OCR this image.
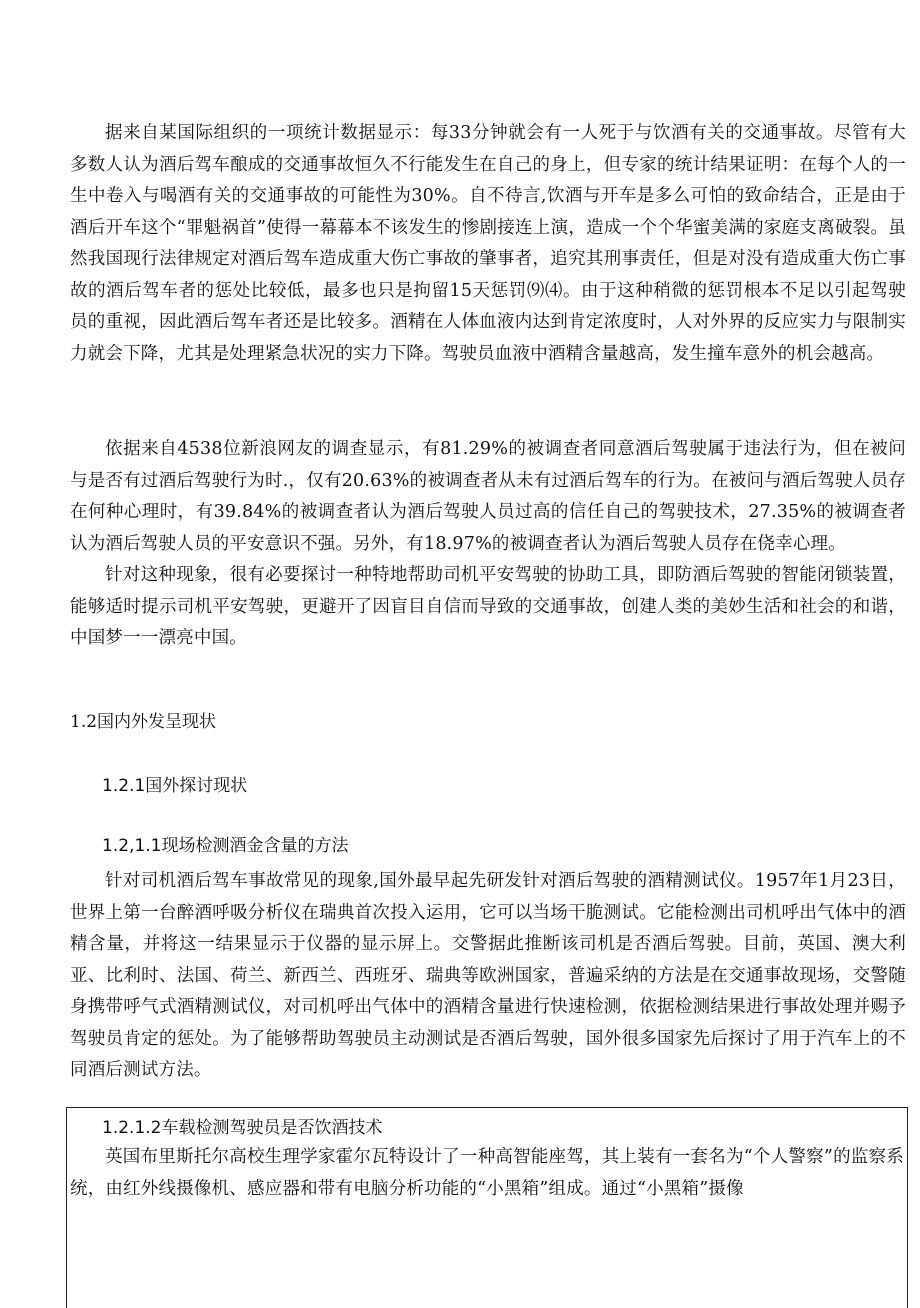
据来自某国际组织的一项统计数据显示：每33分钟就会有一人死于与饮酒有关的交通事故。尽管有大多数人认为酒后驾车酿成的交通事故恒久不行能发生在自己的身上，但专家的统计结果证明：在每个人的一生中卷入与喝酒有关的交通事故的可能性为30%。自不待言,饮酒与开车是多么可怕的致命结合，正是由于酒后开车这个“罪魁祸首”使得一幕幕本不该发生的惨剧接连上演，造成一个个华蜜美满的家庭支离破裂。虽然我国现行法律规定对酒后驾车造成重大伤亡事故的肇事者，追究其刑事责任，但是对没有造成重大伤亡事故的酒后驾车者的惩处比较低，最多也只是拘留15天惩罚⑼⑷。由于这种稍微的惩罚根本不足以引起驾驶员的重视，因此酒后驾车者还是比较多。酒精在人体血液内达到肯定浓度时，人对外界的反应实力与限制实力就会下降，尤其是处理紧急状况的实力下降。驾驶员血液中酒精含量越高，发生撞车意外的机会越高。

依据来自4538位新浪网友的调查显示，有81.29%的被调查者同意酒后驾驶属于违法行为，但在被问与是否有过酒后驾驶行为时.，仅有20.63%的被调查者从未有过酒后驾车的行为。在被问与酒后驾驶人员存在何种心理时，有39.84%的被调查者认为酒后驾驶人员过高的信任自己的驾驶技术，27.35%的被调查者认为酒后驾驶人员的平安意识不强。另外，有18.97%的被调查者认为酒后驾驶人员存在侥幸心理。

针对这种现象，很有必要探讨一种特地帮助司机平安驾驶的协助工具，即防酒后驾驶的智能闭锁装置，能够适时提示司机平安驾驶，更避开了因盲目自信而导致的交通事故，创建人类的美妙生活和社会的和谐，中国梦一一漂亮中国。

1.2国内外发呈现状
1.2.1国外探讨现状
1.2,1.1现场检测酒金含量的方法

针对司机酒后驾车事故常见的现象,国外最早起先研发针对酒后驾驶的酒精测试仪。1957年1月23日，世界上第一台醉酒呼吸分析仪在瑞典首次投入运用，它可以当场干脆测试。它能检测出司机呼出气体中的酒精含量，并将这一结果显示于仪器的显示屏上。交警据此推断该司机是否酒后驾驶。目前，英国、澳大利亚、比利时、法国、荷兰、新西兰、西班牙、瑞典等欧洲国家，普遍采纳的方法是在交通事故现场，交警随身携带呼气式酒精测试仪，对司机呼出气体中的酒精含量进行快速检测，依据检测结果进行事故处理并赐予驾驶员肯定的惩处。为了能够帮助驾驶员主动测试是否酒后驾驶，国外很多国家先后探讨了用于汽车上的不同酒后测试方法。

1.2.1.2车载检测驾驶员是否饮酒技术

英国布里斯托尔高校生理学家霍尔瓦特设计了一种高智能座驾，其上装有一套名为“个人警察”的监察系统，由红外线摄像机、感应器和带有电脑分析功能的“小黑箱”组成。通过“小黑箱”摄像
